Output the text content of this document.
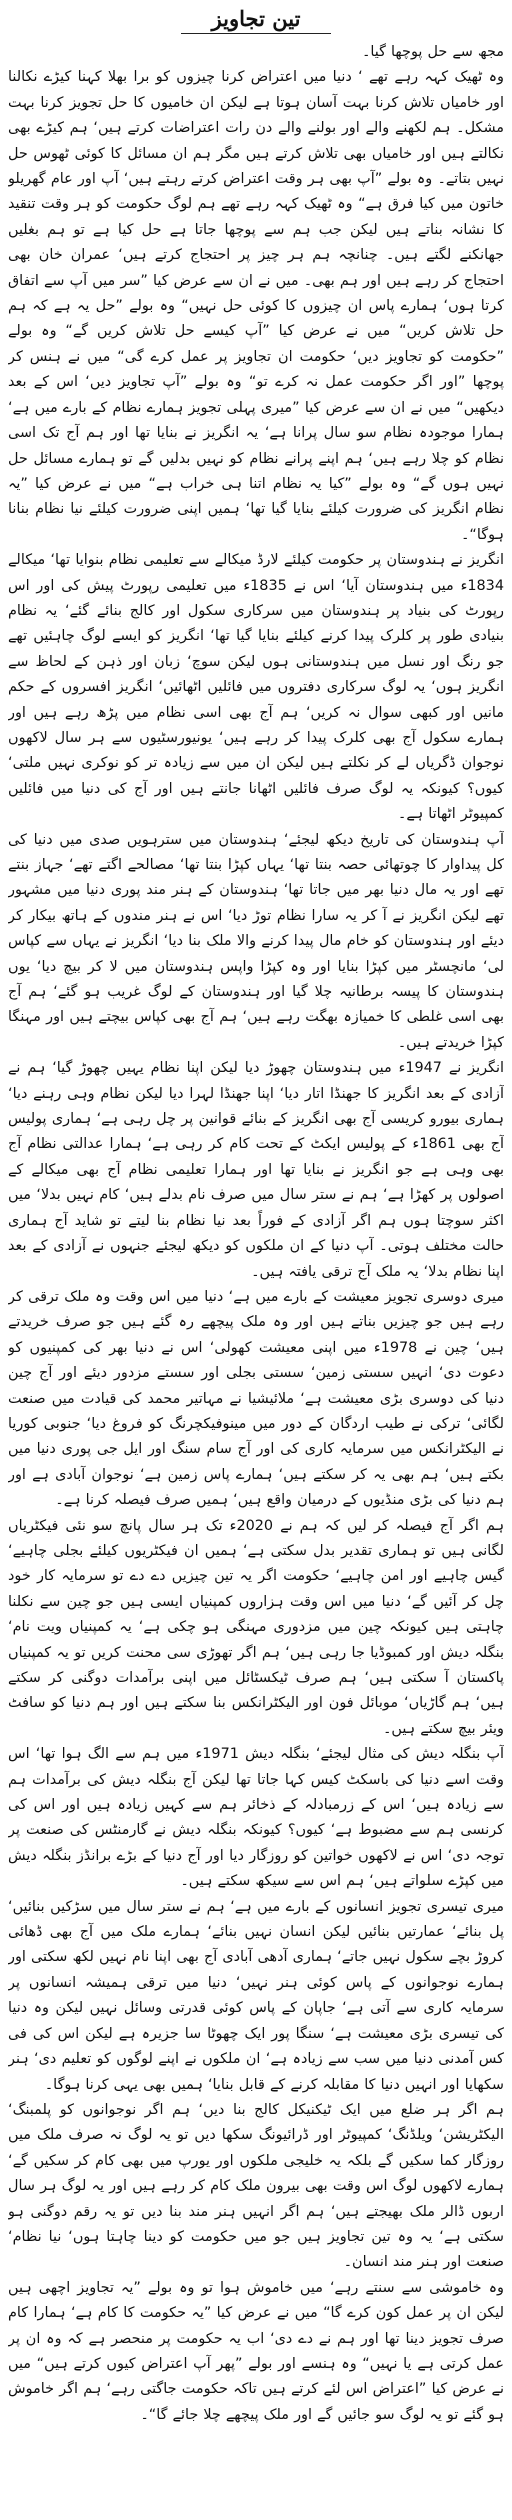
تین تجاویز

مجھ سے حل پوچھا گیا۔

وہ ٹھیک کہہ رہے تھے ‘ دنیا میں اعتراض کرنا چیزوں کو برا بھلا کہنا کیڑے نکالنا اور خامیاں تلاش کرنا بہت آسان ہوتا ہے لیکن ان خامیوں کا حل تجویز کرنا بہت مشکل۔ ہم لکھنے والے اور بولنے والے دن رات اعتراضات کرتے ہیں‘ ہم کیڑے بھی نکالتے ہیں اور خامیاں بھی تلاش کرتے ہیں مگر ہم ان مسائل کا کوئی ٹھوس حل نہیں بتاتے۔ وہ بولے ”آپ بھی ہر وقت اعتراض کرتے رہتے ہیں‘ آپ اور عام گھریلو خاتون میں کیا فرق ہے“ وہ ٹھیک کہہ رہے تھے ہم لوگ حکومت کو ہر وقت تنقید کا نشانہ بناتے ہیں لیکن جب ہم سے پوچھا جاتا ہے حل کیا ہے تو ہم بغلیں جھانکنے لگتے ہیں۔ چنانچہ ہم ہر چیز پر احتجاج کرتے ہیں‘ عمران خان بھی احتجاج کر رہے ہیں اور ہم بھی۔ میں نے ان سے عرض کیا ”سر میں آپ سے اتفاق کرتا ہوں‘ ہمارے پاس ان چیزوں کا کوئی حل نہیں“ وہ بولے ”حل یہ ہے کہ ہم حل تلاش کریں“ میں نے عرض کیا ”آپ کیسے حل تلاش کریں گے“ وہ بولے ”حکومت کو تجاویز دیں‘ حکومت ان تجاویز پر عمل کرے گی“ میں نے ہنس کر پوچھا ”اور اگر حکومت عمل نہ کرے تو“ وہ بولے ”آپ تجاویز دیں‘ اس کے بعد دیکھیں“ میں نے ان سے عرض کیا ”میری پہلی تجویز ہمارے نظام کے بارے میں ہے‘ ہمارا موجودہ نظام سو سال پرانا ہے‘ یہ انگریز نے بنایا تھا اور ہم آج تک اسی نظام کو چلا رہے ہیں‘ ہم اپنے پرانے نظام کو نہیں بدلیں گے تو ہمارے مسائل حل نہیں ہوں گے“ وہ بولے ”کیا یہ نظام اتنا ہی خراب ہے“ میں نے عرض کیا ”یہ نظام انگریز کی ضرورت کیلئے بنایا گیا تھا‘ ہمیں اپنی ضرورت کیلئے نیا نظام بنانا ہوگا“۔

انگریز نے ہندوستان پر حکومت کیلئے لارڈ میکالے سے تعلیمی نظام بنوایا تھا‘ میکالے 1834ء میں ہندوستان آیا‘ اس نے 1835ء میں تعلیمی رپورٹ پیش کی اور اس رپورٹ کی بنیاد پر ہندوستان میں سرکاری سکول اور کالج بنائے گئے‘ یہ نظام بنیادی طور پر کلرک پیدا کرنے کیلئے بنایا گیا تھا‘ انگریز کو ایسے لوگ چاہئیں تھے جو رنگ اور نسل میں ہندوستانی ہوں لیکن سوچ‘ زبان اور ذہن کے لحاظ سے انگریز ہوں‘ یہ لوگ سرکاری دفتروں میں فائلیں اٹھائیں‘ انگریز افسروں کے حکم مانیں اور کبھی سوال نہ کریں‘ ہم آج بھی اسی نظام میں پڑھ رہے ہیں اور ہمارے سکول آج بھی کلرک پیدا کر رہے ہیں‘ یونیورسٹیوں سے ہر سال لاکھوں نوجوان ڈگریاں لے کر نکلتے ہیں لیکن ان میں سے زیادہ تر کو نوکری نہیں ملتی‘ کیوں؟ کیونکہ یہ لوگ صرف فائلیں اٹھانا جانتے ہیں اور آج کی دنیا میں فائلیں کمپیوٹر اٹھاتا ہے۔

آپ ہندوستان کی تاریخ دیکھ لیجئے‘ ہندوستان میں سترہویں صدی میں دنیا کی کل پیداوار کا چوتھائی حصہ بنتا تھا‘ یہاں کپڑا بنتا تھا‘ مصالحے اگتے تھے‘ جہاز بنتے تھے اور یہ مال دنیا بھر میں جاتا تھا‘ ہندوستان کے ہنر مند پوری دنیا میں مشہور تھے لیکن انگریز نے آ کر یہ سارا نظام توڑ دیا‘ اس نے ہنر مندوں کے ہاتھ بیکار کر دیئے اور ہندوستان کو خام مال پیدا کرنے والا ملک بنا دیا‘ انگریز نے یہاں سے کپاس لی‘ مانچسٹر میں کپڑا بنایا اور وہ کپڑا واپس ہندوستان میں لا کر بیچ دیا‘ یوں ہندوستان کا پیسہ برطانیہ چلا گیا اور ہندوستان کے لوگ غریب ہو گئے‘ ہم آج بھی اسی غلطی کا خمیازہ بھگت رہے ہیں‘ ہم آج بھی کپاس بیچتے ہیں اور مہنگا کپڑا خریدتے ہیں۔

انگریز نے 1947ء میں ہندوستان چھوڑ دیا لیکن اپنا نظام یہیں چھوڑ گیا‘ ہم نے آزادی کے بعد انگریز کا جھنڈا اتار دیا‘ اپنا جھنڈا لہرا دیا لیکن نظام وہی رہنے دیا‘ ہماری بیورو کریسی آج بھی انگریز کے بنائے قوانین پر چل رہی ہے‘ ہماری پولیس آج بھی 1861ء کے پولیس ایکٹ کے تحت کام کر رہی ہے‘ ہمارا عدالتی نظام آج بھی وہی ہے جو انگریز نے بنایا تھا اور ہمارا تعلیمی نظام آج بھی میکالے کے اصولوں پر کھڑا ہے‘ ہم نے ستر سال میں صرف نام بدلے ہیں‘ کام نہیں بدلا‘ میں اکثر سوچتا ہوں ہم اگر آزادی کے فوراً بعد نیا نظام بنا لیتے تو شاید آج ہماری حالت مختلف ہوتی۔ آپ دنیا کے ان ملکوں کو دیکھ لیجئے جنہوں نے آزادی کے بعد اپنا نظام بدلا‘ یہ ملک آج ترقی یافتہ ہیں۔

میری دوسری تجویز معیشت کے بارے میں ہے‘ دنیا میں اس وقت وہ ملک ترقی کر رہے ہیں جو چیزیں بناتے ہیں اور وہ ملک پیچھے رہ گئے ہیں جو صرف خریدتے ہیں‘ چین نے 1978ء میں اپنی معیشت کھولی‘ اس نے دنیا بھر کی کمپنیوں کو دعوت دی‘ انہیں سستی زمین‘ سستی بجلی اور سستے مزدور دیئے اور آج چین دنیا کی دوسری بڑی معیشت ہے‘ ملائیشیا نے مہاتیر محمد کی قیادت میں صنعت لگائی‘ ترکی نے طیب اردگان کے دور میں مینوفیکچرنگ کو فروغ دیا‘ جنوبی کوریا نے الیکٹرانکس میں سرمایہ کاری کی اور آج سام سنگ اور ایل جی پوری دنیا میں بکتے ہیں‘ ہم بھی یہ کر سکتے ہیں‘ ہمارے پاس زمین ہے‘ نوجوان آبادی ہے اور ہم دنیا کی بڑی منڈیوں کے درمیان واقع ہیں‘ ہمیں صرف فیصلہ کرنا ہے۔

ہم اگر آج فیصلہ کر لیں کہ ہم نے 2020ء تک ہر سال پانچ سو نئی فیکٹریاں لگانی ہیں تو ہماری تقدیر بدل سکتی ہے‘ ہمیں ان فیکٹریوں کیلئے بجلی چاہیے‘ گیس چاہیے اور امن چاہیے‘ حکومت اگر یہ تین چیزیں دے دے تو سرمایہ کار خود چل کر آئیں گے‘ دنیا میں اس وقت ہزاروں کمپنیاں ایسی ہیں جو چین سے نکلنا چاہتی ہیں کیونکہ چین میں مزدوری مہنگی ہو چکی ہے‘ یہ کمپنیاں ویت نام‘ بنگلہ دیش اور کمبوڈیا جا رہی ہیں‘ ہم اگر تھوڑی سی محنت کریں تو یہ کمپنیاں پاکستان آ سکتی ہیں‘ ہم صرف ٹیکسٹائل میں اپنی برآمدات دوگنی کر سکتے ہیں‘ ہم گاڑیاں‘ موبائل فون اور الیکٹرانکس بنا سکتے ہیں اور ہم دنیا کو سافٹ ویئر بیچ سکتے ہیں۔

آپ بنگلہ دیش کی مثال لیجئے‘ بنگلہ دیش 1971ء میں ہم سے الگ ہوا تھا‘ اس وقت اسے دنیا کی باسکٹ کیس کہا جاتا تھا لیکن آج بنگلہ دیش کی برآمدات ہم سے زیادہ ہیں‘ اس کے زرمبادلہ کے ذخائر ہم سے کہیں زیادہ ہیں اور اس کی کرنسی ہم سے مضبوط ہے‘ کیوں؟ کیونکہ بنگلہ دیش نے گارمنٹس کی صنعت پر توجہ دی‘ اس نے لاکھوں خواتین کو روزگار دیا اور آج دنیا کے بڑے برانڈز بنگلہ دیش میں کپڑے سلواتے ہیں‘ ہم اس سے سیکھ سکتے ہیں۔

میری تیسری تجویز انسانوں کے بارے میں ہے‘ ہم نے ستر سال میں سڑکیں بنائیں‘ پل بنائے‘ عمارتیں بنائیں لیکن انسان نہیں بنائے‘ ہمارے ملک میں آج بھی ڈھائی کروڑ بچے سکول نہیں جاتے‘ ہماری آدھی آبادی آج بھی اپنا نام نہیں لکھ سکتی اور ہمارے نوجوانوں کے پاس کوئی ہنر نہیں‘ دنیا میں ترقی ہمیشہ انسانوں پر سرمایہ کاری سے آتی ہے‘ جاپان کے پاس کوئی قدرتی وسائل نہیں لیکن وہ دنیا کی تیسری بڑی معیشت ہے‘ سنگا پور ایک چھوٹا سا جزیرہ ہے لیکن اس کی فی کس آمدنی دنیا میں سب سے زیادہ ہے‘ ان ملکوں نے اپنے لوگوں کو تعلیم دی‘ ہنر سکھایا اور انہیں دنیا کا مقابلہ کرنے کے قابل بنایا‘ ہمیں بھی یہی کرنا ہوگا۔

ہم اگر ہر ضلع میں ایک ٹیکنیکل کالج بنا دیں‘ ہم اگر نوجوانوں کو پلمبنگ‘ الیکٹریشن‘ ویلڈنگ‘ کمپیوٹر اور ڈرائیونگ سکھا دیں تو یہ لوگ نہ صرف ملک میں روزگار کما سکیں گے بلکہ یہ خلیجی ملکوں اور یورپ میں بھی کام کر سکیں گے‘ ہمارے لاکھوں لوگ اس وقت بھی بیرون ملک کام کر رہے ہیں اور یہ لوگ ہر سال اربوں ڈالر ملک بھیجتے ہیں‘ ہم اگر انہیں ہنر مند بنا دیں تو یہ رقم دوگنی ہو سکتی ہے‘ یہ وہ تین تجاویز ہیں جو میں حکومت کو دینا چاہتا ہوں‘ نیا نظام‘ صنعت اور ہنر مند انسان۔

وہ خاموشی سے سنتے رہے‘ میں خاموش ہوا تو وہ بولے ”یہ تجاویز اچھی ہیں لیکن ان پر عمل کون کرے گا“ میں نے عرض کیا ”یہ حکومت کا کام ہے‘ ہمارا کام صرف تجویز دینا تھا اور ہم نے دے دی‘ اب یہ حکومت پر منحصر ہے کہ وہ ان پر عمل کرتی ہے یا نہیں“ وہ ہنسے اور بولے ”پھر آپ اعتراض کیوں کرتے ہیں“ میں نے عرض کیا ”اعتراض اس لئے کرتے ہیں تاکہ حکومت جاگتی رہے‘ ہم اگر خاموش ہو گئے تو یہ لوگ سو جائیں گے اور ملک پیچھے چلا جائے گا“۔
